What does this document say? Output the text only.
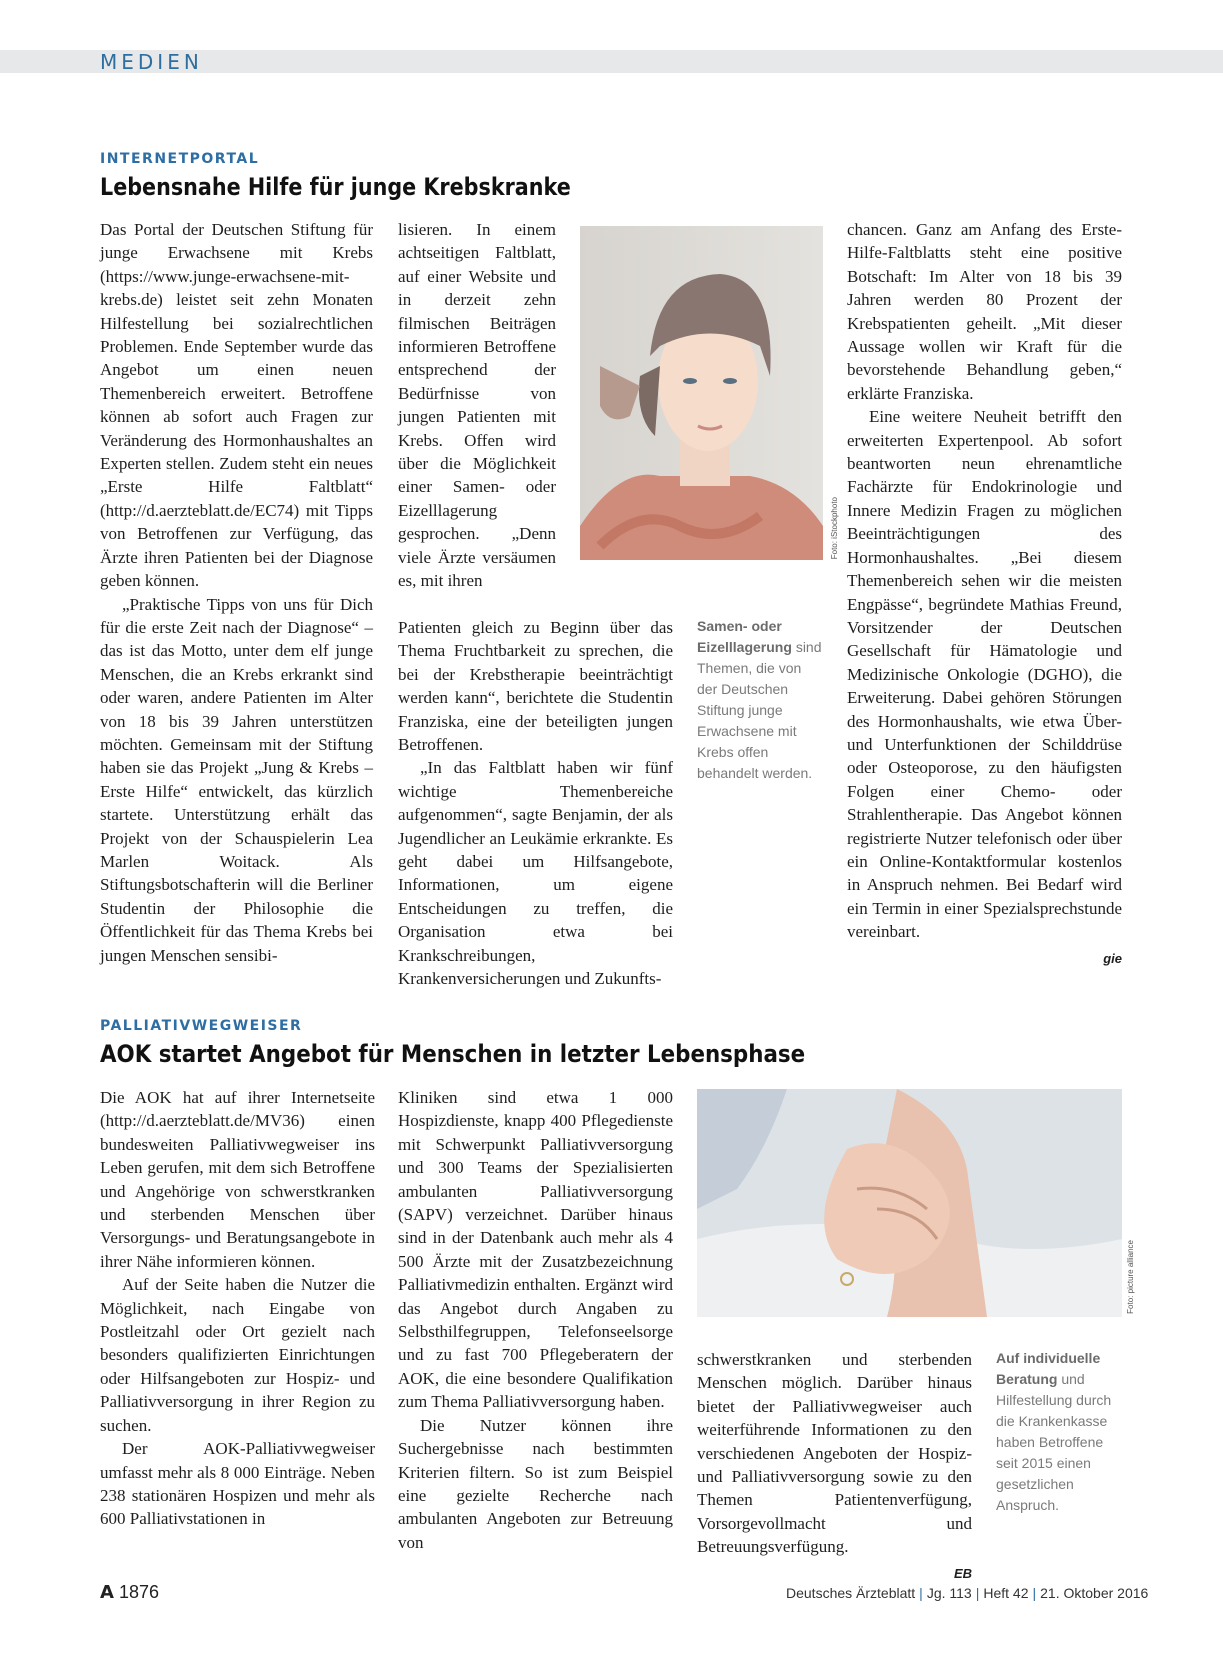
MEDIEN
INTERNETPORTAL
Lebensnahe Hilfe für junge Krebskranke

Das Portal der Deutschen Stiftung für junge Erwachsene mit Krebs (https://www.junge-erwachsene-mit-krebs.de) leistet seit zehn Monaten Hilfestellung bei sozialrechtlichen Problemen. Ende September wurde das Angebot um einen neuen Themenbereich erweitert. Betroffene können ab sofort auch Fragen zur Veränderung des Hormonhaushaltes an Experten stellen. Zudem steht ein neues „Erste Hilfe Faltblatt“ (http://d.aerzteblatt.de/EC74) mit Tipps von Betroffenen zur Verfügung, das Ärzte ihren Patienten bei der Diagnose geben können.

„Praktische Tipps von uns für Dich für die erste Zeit nach der Diagnose“ – das ist das Motto, unter dem elf junge Menschen, die an Krebs erkrankt sind oder waren, andere Patienten im Alter von 18 bis 39 Jahren unterstützen möchten. Gemeinsam mit der Stiftung haben sie das Projekt „Jung & Krebs – Erste Hilfe“ entwickelt, das kürzlich startete. Unterstützung erhält das Projekt von der Schauspielerin Lea Marlen Woitack. Als Stiftungsbotschafterin will die Berliner Studentin der Philosophie die Öffentlichkeit für das Thema Krebs bei jungen Menschen sensibi-

lisieren. In einem achtseitigen Faltblatt, auf einer Website und in derzeit zehn filmischen Beiträgen informieren Betroffene entsprechend der Bedürfnisse von jungen Patienten mit Krebs. Offen wird über die Möglichkeit einer Samen- oder Eizelllagerung gesprochen. „Denn viele Ärzte versäumen es, mit ihren

Foto: iStockphoto

Patienten gleich zu Beginn über das Thema Fruchtbarkeit zu sprechen, die bei der Krebstherapie beeinträchtigt werden kann“, berichtete die Studentin Franziska, eine der beteiligten jungen Betroffenen.

„In das Faltblatt haben wir fünf wichtige Themenbereiche aufgenommen“, sagte Benjamin, der als Jugendlicher an Leukämie erkrankte. Es geht dabei um Hilfsangebote, Informationen, um eigene Entscheidungen zu treffen, die Organisation etwa bei Krankschreibungen, Krankenversicherungen und Zukunfts-

Samen- oder Eizelllagerung sind Themen, die von der Deutschen Stiftung junge Erwachsene mit Krebs offen behandelt werden.

chancen. Ganz am Anfang des Erste-Hilfe-Faltblatts steht eine positive Botschaft: Im Alter von 18 bis 39 Jahren werden 80 Prozent der Krebspatienten geheilt. „Mit dieser Aussage wollen wir Kraft für die bevorstehende Behandlung geben,“ erklärte Franziska.

Eine weitere Neuheit betrifft den erweiterten Expertenpool. Ab sofort beantworten neun ehrenamtliche Fachärzte für Endokrinologie und Innere Medizin Fragen zu möglichen Beeinträchtigungen des Hormonhaushaltes. „Bei diesem Themenbereich sehen wir die meisten Engpässe“, begründete Mathias Freund, Vorsitzender der Deutschen Gesellschaft für Hämatologie und Medizinische Onkologie (DGHO), die Erweiterung. Dabei gehören Störungen des Hormonhaushalts, wie etwa Über- und Unterfunktionen der Schilddrüse oder Osteoporose, zu den häufigsten Folgen einer Chemo- oder Strahlentherapie. Das Angebot können registrierte Nutzer telefonisch oder über ein Online-Kontaktformular kostenlos in Anspruch nehmen. Bei Bedarf wird ein Termin in einer Spezialsprechstunde vereinbart.

gie
PALLIATIVWEGWEISER
AOK startet Angebot für Menschen in letzter Lebensphase

Die AOK hat auf ihrer Internetseite (http://d.aerzteblatt.de/MV36) einen bundesweiten Palliativwegweiser ins Leben gerufen, mit dem sich Betroffene und Angehörige von schwerstkranken und sterbenden Menschen über Versorgungs- und Beratungsangebote in ihrer Nähe informieren können.

Auf der Seite haben die Nutzer die Möglichkeit, nach Eingabe von Postleitzahl oder Ort gezielt nach besonders qualifizierten Einrichtungen oder Hilfsangeboten zur Hospiz- und Palliativversorgung in ihrer Region zu suchen.

Der AOK-Palliativwegweiser umfasst mehr als 8 000 Einträge. Neben 238 stationären Hospizen und mehr als 600 Palliativstationen in

Kliniken sind etwa 1 000 Hospizdienste, knapp 400 Pflegedienste mit Schwerpunkt Palliativversorgung und 300 Teams der Spezialisierten ambulanten Palliativversorgung (SAPV) verzeichnet. Darüber hinaus sind in der Datenbank auch mehr als 4 500 Ärzte mit der Zusatzbezeichnung Palliativmedizin enthalten. Ergänzt wird das Angebot durch Angaben zu Selbsthilfegruppen, Telefonseelsorge und zu fast 700 Pflegeberatern der AOK, die eine besondere Qualifikation zum Thema Palliativversorgung haben.

Die Nutzer können ihre Suchergebnisse nach bestimmten Kriterien filtern. So ist zum Beispiel eine gezielte Recherche nach ambulanten Angeboten zur Betreuung von

Foto: picture alliance

schwerstkranken und sterbenden Menschen möglich. Darüber hinaus bietet der Palliativwegweiser auch weiterführende Informationen zu den verschiedenen Angeboten der Hospiz- und Palliativversorgung sowie zu den Themen Patientenverfügung, Vorsorgevollmacht und Betreuungsverfügung.

EB
Auf individuelle Beratung und Hilfestellung durch die Krankenkasse haben Betroffene seit 2015 einen gesetzlichen Anspruch.
A 1876	Deutsches Ärzteblatt | Jg. 113 | Heft 42 | 21. Oktober 2016
